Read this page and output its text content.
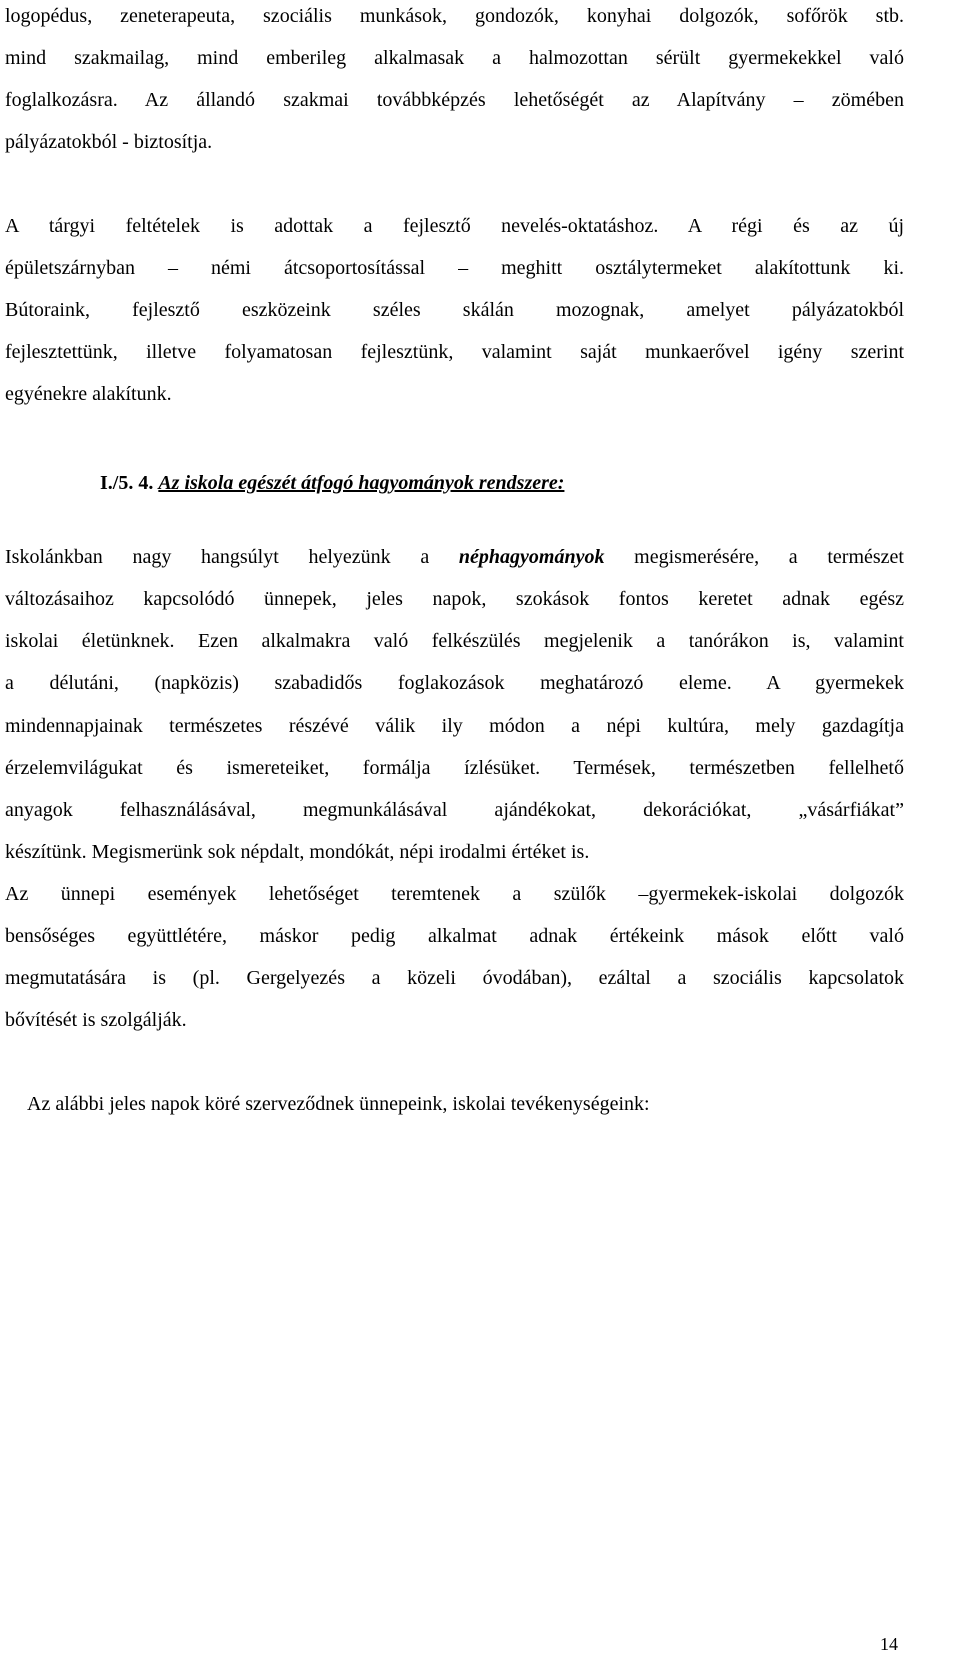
logopédus, zeneterapeuta, szociális munkások, gondozók, konyhai dolgozók, sofőrök stb.
mind szakmailag, mind emberileg alkalmasak a halmozottan sérült gyermekekkel való
foglalkozásra. Az állandó szakmai továbbképzés lehetőségét az Alapítvány – zömében
pályázatokból - biztosítja.
A tárgyi feltételek is adottak a fejlesztő nevelés-oktatáshoz. A régi és az új
épületszárnyban – némi átcsoportosítással – meghitt osztálytermeket alakítottunk ki.
Bútoraink, fejlesztő eszközeink széles skálán mozognak, amelyet pályázatokból
fejlesztettünk, illetve folyamatosan fejlesztünk, valamint saját munkaerővel igény szerint
egyénekre alakítunk.
I./5. 4. Az iskola egészét átfogó hagyományok rendszere:
Iskolánkban nagy hangsúlyt helyezünk a néphagyományok megismerésére, a természet
változásaihoz kapcsolódó ünnepek, jeles napok, szokások fontos keretet adnak egész
iskolai életünknek. Ezen alkalmakra való felkészülés megjelenik a tanórákon is, valamint
a délutáni, (napközis) szabadidős foglakozások meghatározó eleme. A gyermekek
mindennapjainak természetes részévé válik ily módon a népi kultúra, mely gazdagítja
érzelemvilágukat és ismereteiket, formálja ízlésüket. Termések, természetben fellelhető
anyagok felhasználásával, megmunkálásával ajándékokat, dekorációkat, „vásárfiákat”
készítünk. Megismerünk sok népdalt, mondókát, népi irodalmi értéket is.
Az ünnepi események lehetőséget teremtenek a szülők –gyermekek-iskolai dolgozók
bensőséges együttlétére, máskor pedig alkalmat adnak értékeink mások előtt való
megmutatására is (pl. Gergelyezés a közeli óvodában), ezáltal a szociális kapcsolatok
bővítését is szolgálják.
Az alábbi jeles napok köré szerveződnek ünnepeink, iskolai tevékenységeink:
14
